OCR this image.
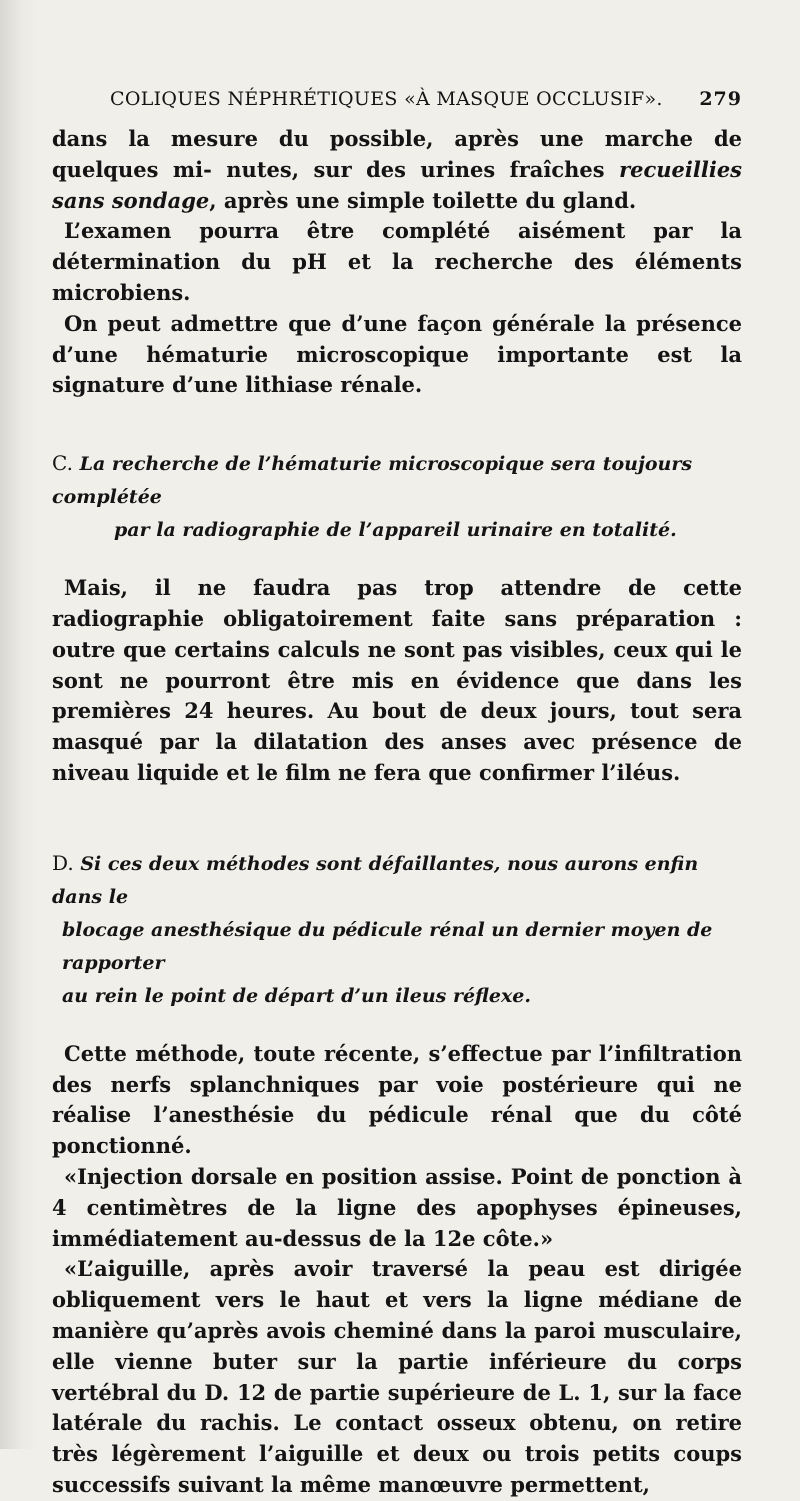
COLIQUES NÉPHRÉTIQUES «À MASQUE OCCLUSIF». 279

dans la mesure du possible, après une marche de quelques mi- nutes, sur des urines fraîches recueillies sans sondage, après une simple toilette du gland.

L’examen pourra être complété aisément par la détermination du pH et la recherche des éléments microbiens.

On peut admettre que d’une façon générale la présence d’une hématurie microscopique importante est la signature d’une lithiase rénale.

C. La recherche de l’hématurie microscopique sera toujours complétée
par la radiographie de l’appareil urinaire en totalité.

Mais, il ne faudra pas trop attendre de cette radiographie obligatoirement faite sans préparation : outre que certains calculs ne sont pas visibles, ceux qui le sont ne pourront être mis en évidence que dans les premières 24 heures. Au bout de deux jours, tout sera masqué par la dilatation des anses avec présence de niveau liquide et le film ne fera que confirmer l’iléus.

D. Si ces deux méthodes sont défaillantes, nous aurons enfin dans le
blocage anesthésique du pédicule rénal un dernier moyen de rapporter
au rein le point de départ d’un ileus réflexe.

Cette méthode, toute récente, s’effectue par l’infiltration des nerfs splanchniques par voie postérieure qui ne réalise l’anesthésie du pédicule rénal que du côté ponctionné.

«Injection dorsale en position assise. Point de ponction à 4 centimètres de la ligne des apophyses épineuses, immédiatement au-dessus de la 12e côte.»

«L’aiguille, après avoir traversé la peau est dirigée obliquement vers le haut et vers la ligne médiane de manière qu’après avois cheminé dans la paroi musculaire, elle vienne buter sur la partie inférieure du corps vertébral du D. 12 de partie supérieure de L. 1, sur la face latérale du rachis. Le contact osseux obtenu, on retire très légèrement l’aiguille et deux ou trois petits coups successifs suivant la même manœuvre permettent,
